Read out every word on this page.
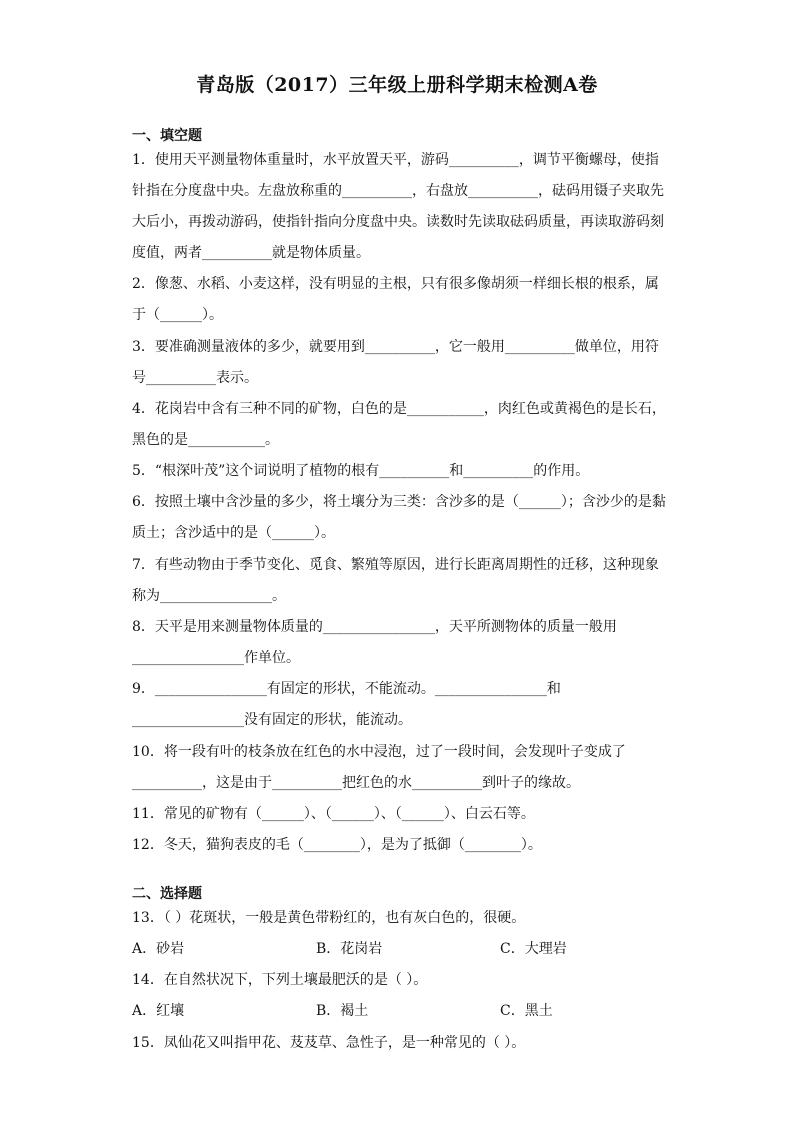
青岛版（2017）三年级上册科学期末检测A卷
一、填空题
1．使用天平测量物体重量时，水平放置天平，游码__________，调节平衡螺母，使指
针指在分度盘中央。左盘放称重的__________，右盘放__________，砝码用镊子夹取先
大后小，再拨动游码，使指针指向分度盘中央。读数时先读取砝码质量，再读取游码刻
度值，两者__________就是物体质量。
2．像葱、水稻、小麦这样，没有明显的主根，只有很多像胡须一样细长根的根系，属
于（______）。
3．要准确测量液体的多少，就要用到__________，它一般用__________做单位，用符
号__________表示。
4．花岗岩中含有三种不同的矿物，白色的是___________，肉红色或黄褐色的是长石，
黑色的是___________。
5．“根深叶茂”这个词说明了植物的根有__________和__________的作用。
6．按照土壤中含沙量的多少，将土壤分为三类：含沙多的是（______）；含沙少的是黏
质土；含沙适中的是（______）。
7．有些动物由于季节变化、觅食、繁殖等原因，进行长距离周期性的迁移，这种现象
称为________________。
8．天平是用来测量物体质量的________________，天平所测物体的质量一般用
________________作单位。
9．________________有固定的形状，不能流动。________________和
________________没有固定的形状，能流动。
10．将一段有叶的枝条放在红色的水中浸泡，过了一段时间，会发现叶子变成了
__________，这是由于__________把红色的水__________到叶子的缘故。
11．常见的矿物有（______）、（______）、（______）、白云石等。
12．冬天，猫狗表皮的毛（________），是为了抵御（________）。
二、选择题
13．（ ）花斑状，一般是黄色带粉红的，也有灰白色的，很硬。
A．砂岩	B．花岗岩	C．大理岩
14．在自然状况下，下列土壤最肥沃的是（ ）。
A．红壤	B．褐土	C．黑土
15．凤仙花又叫指甲花、芨芨草、急性子，是一种常见的（ ）。
